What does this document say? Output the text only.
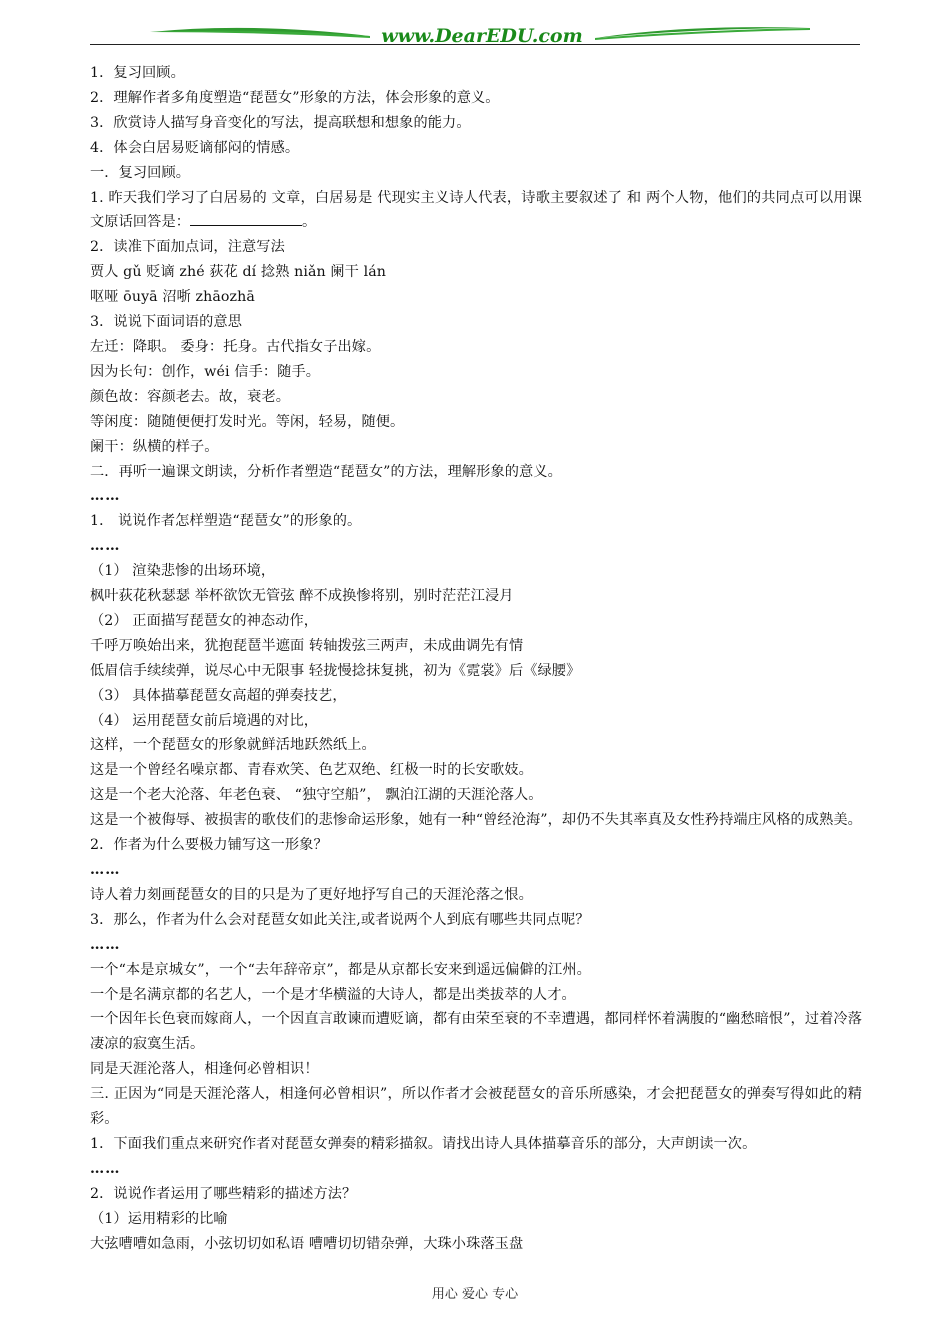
www.DearEDU.com
1．复习回顾。
2．理解作者多角度塑造“琵琶女”形象的方法，体会形象的意义。
3．欣赏诗人描写身音变化的写法，提高联想和想象的能力。
4．体会白居易贬谪郁闷的情感。
一．复习回顾。
1. 昨天我们学习了白居易的 文章，白居易是 代现实主义诗人代表，诗歌主要叙述了 和 两个人物，他们的共同点可以用课文原话回答是：	。
2．读准下面加点词，注意写法
贾人 gǔ 贬谪 zhé 荻花 dí 捻熟 niǎn 阑干 lán
呕哑 ōuyā 沼哳 zhāozhā
3．说说下面词语的意思
左迁：降职。 委身：托身。古代指女子出嫁。
因为长句：创作，wéi 信手：随手。
颜色故：容颜老去。故，衰老。
等闲度：随随便便打发时光。等闲，轻易，随便。
阑干：纵横的样子。
二．再听一遍课文朗读，分析作者塑造“琵琶女”的方法，理解形象的意义。
……
1． 说说作者怎样塑造“琵琶女”的形象的。
……
（1） 渲染悲惨的出场环境，
枫叶荻花秋瑟瑟 举杯欲饮无管弦 醉不成换惨将别，别时茫茫江浸月
（2） 正面描写琵琶女的神态动作，
千呼万唤始出来，犹抱琵琶半遮面 转轴拨弦三两声，未成曲调先有情
低眉信手续续弹，说尽心中无限事 轻拢慢捻抹复挑，初为《霓裳》后《绿腰》
（3） 具体描摹琵琶女高超的弹奏技艺，
（4） 运用琵琶女前后境遇的对比，
这样，一个琵琶女的形象就鲜活地跃然纸上。
这是一个曾经名噪京都、青春欢笑、色艺双绝、红极一时的长安歌妓。
这是一个老大沦落、年老色衰、 “独守空船”， 飘泊江湖的天涯沦落人。
这是一个被侮辱、被损害的歌伎们的悲惨命运形象，她有一种“曾经沧海”，却仍不失其率真及女性矜持端庄风格的成熟美。
2．作者为什么要极力铺写这一形象？
……
诗人着力刻画琵琶女的目的只是为了更好地抒写自己的天涯沦落之恨。
3．那么，作者为什么会对琵琶女如此关注,或者说两个人到底有哪些共同点呢？
……
一个“本是京城女”，一个“去年辞帝京”，都是从京都长安来到遥远偏僻的江州。
一个是名满京都的名艺人，一个是才华横溢的大诗人，都是出类拔萃的人才。
一个因年长色衰而嫁商人，一个因直言敢谏而遭贬谪，都有由荣至衰的不幸遭遇，都同样怀着满腹的“幽愁暗恨”，过着冷落凄凉的寂寞生活。
同是天涯沦落人，相逢何必曾相识！
三. 正因为“同是天涯沦落人，相逢何必曾相识”，所以作者才会被琵琶女的音乐所感染，才会把琵琶女的弹奏写得如此的精彩。
1．下面我们重点来研究作者对琵琶女弹奏的精彩描叙。请找出诗人具体描摹音乐的部分，大声朗读一次。
……
2．说说作者运用了哪些精彩的描述方法？
（1）运用精彩的比喻
大弦嘈嘈如急雨，小弦切切如私语 嘈嘈切切错杂弹，大珠小珠落玉盘
用心 爱心 专心
